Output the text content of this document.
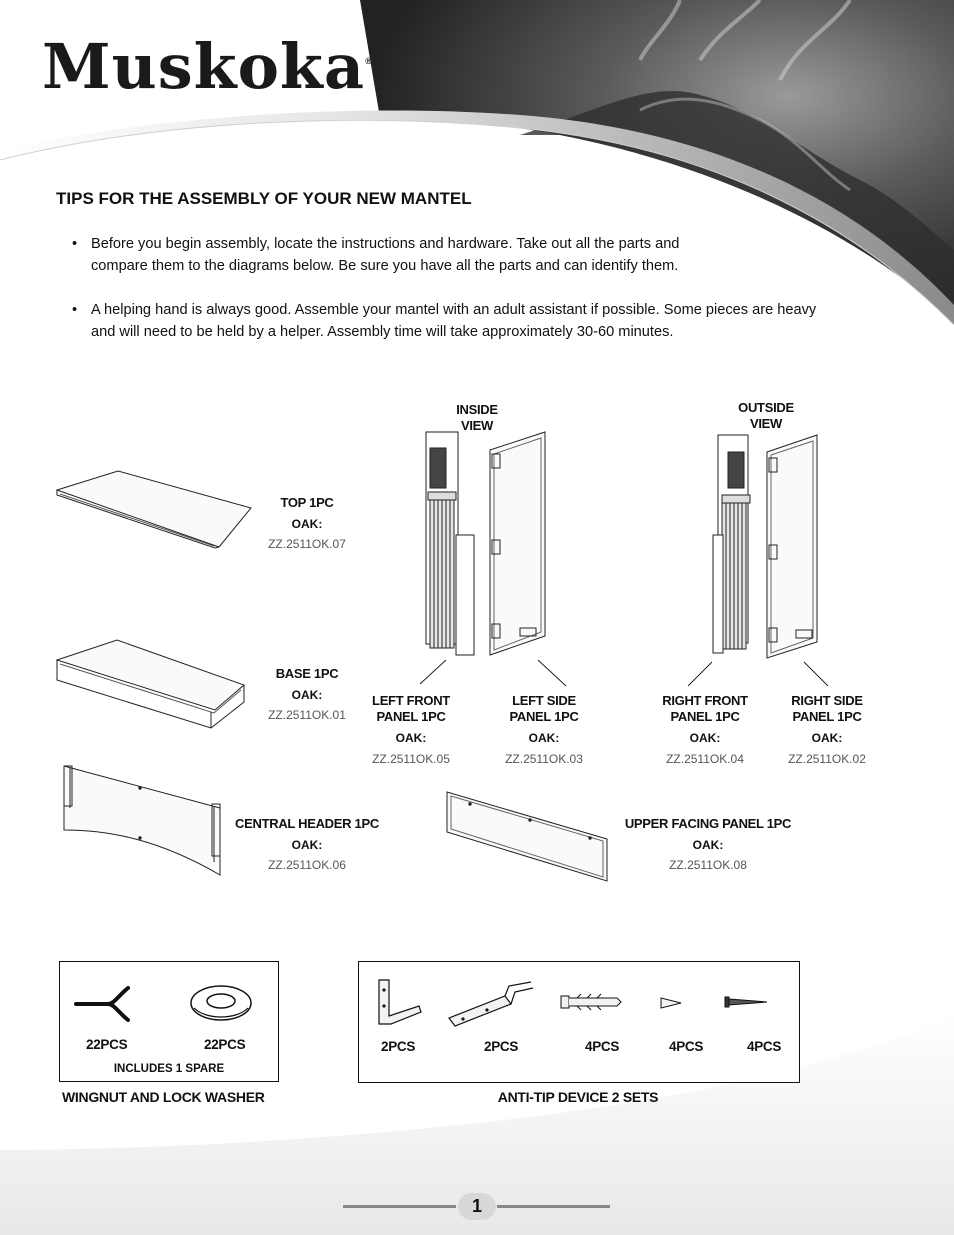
Muskoka®
TIPS FOR THE ASSEMBLY OF YOUR NEW MANTEL
• Before you begin assembly, locate the instructions and hardware. Take out all the parts and
compare them to the diagrams below. Be sure you have all the parts and can identify them.
• A helping hand is always good. Assemble your mantel with an adult assistant if possible. Some pieces are heavy
and will need to be held by a helper. Assembly time will take approximately 30-60 minutes.
INSIDE
VIEW
OUTSIDE
VIEW
TOP 1PC
OAK:
ZZ.2511OK.07
BASE 1PC
OAK:
ZZ.2511OK.01
LEFT FRONT
PANEL 1PC
OAK:
ZZ.2511OK.05
LEFT SIDE
PANEL 1PC
OAK:
ZZ.2511OK.03
RIGHT FRONT
PANEL 1PC
OAK:
ZZ.2511OK.04
RIGHT SIDE
PANEL 1PC
OAK:
ZZ.2511OK.02
CENTRAL HEADER 1PC
OAK:
ZZ.2511OK.06
UPPER FACING PANEL 1PC
OAK:
ZZ.2511OK.08
22PCS	22PCS
INCLUDES 1 SPARE
WINGNUT AND LOCK WASHER
2PCS	2PCS	4PCS	4PCS	4PCS
ANTI-TIP DEVICE 2 SETS
1
